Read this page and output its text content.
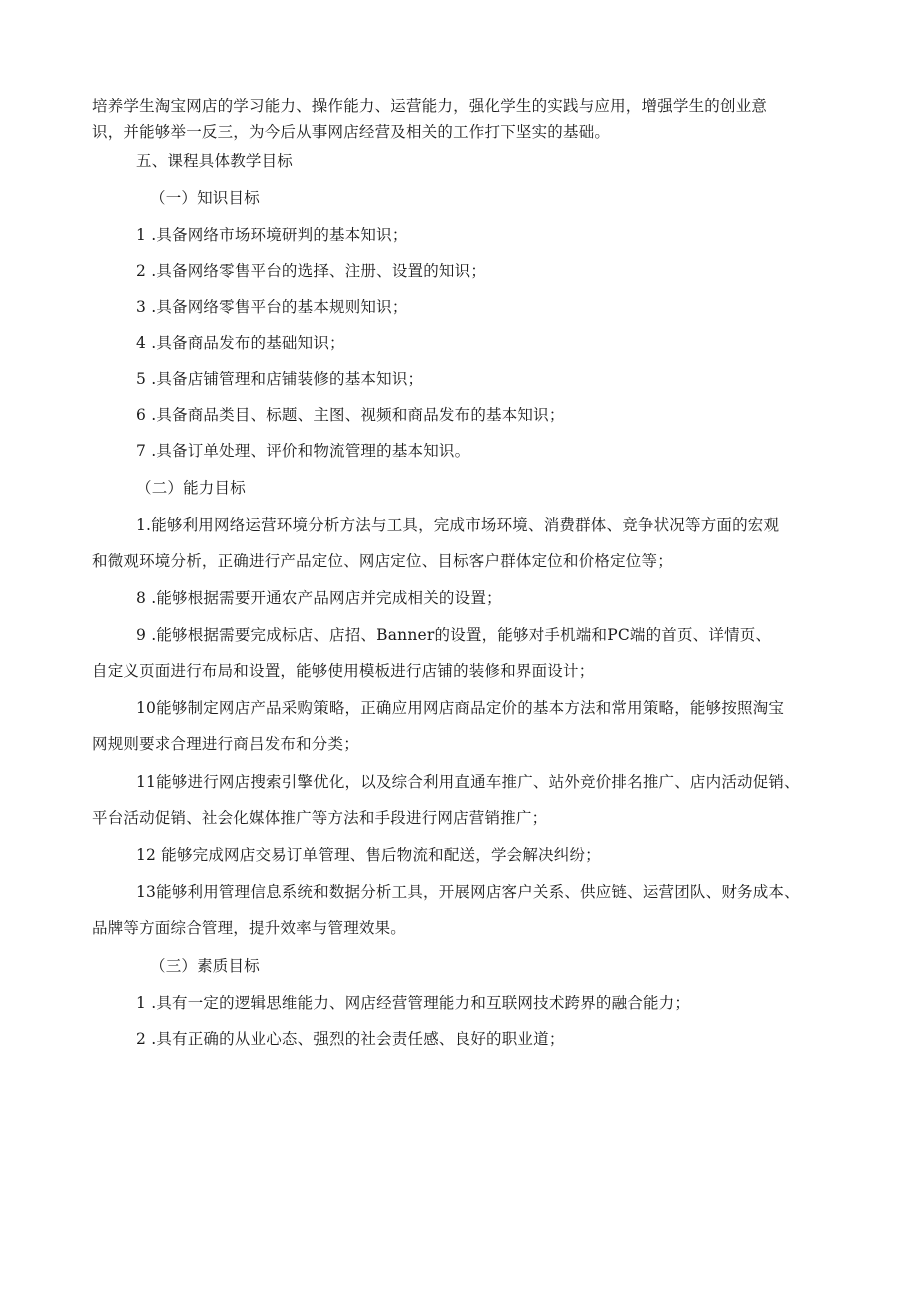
培养学生淘宝网店的学习能力、操作能力、运营能力，强化学生的实践与应用，增强学生的创业意
识，并能够举一反三，为今后从事网店经营及相关的工作打下坚实的基础。
五、课程具体教学目标
（一）知识目标
1 .具备网络市场环境研判的基本知识；
2 .具备网络零售平台的选择、注册、设置的知识；
3 .具备网络零售平台的基本规则知识；
4 .具备商品发布的基础知识；
5 .具备店铺管理和店铺装修的基本知识；
6 .具备商品类目、标题、主图、视频和商品发布的基本知识；
7 .具备订单处理、评价和物流管理的基本知识。
（二）能力目标
1.能够利用网络运营环境分析方法与工具，完成市场环境、消费群体、竞争状况等方面的宏观
和微观环境分析，正确进行产品定位、网店定位、目标客户群体定位和价格定位等；
8 .能够根据需要开通农产品网店并完成相关的设置；
9 .能够根据需要完成标店、店招、Banner的设置，能够对手机端和PC端的首页、详情页、
自定义页面进行布局和设置，能够使用模板进行店铺的装修和界面设计；
10能够制定网店产品采购策略，正确应用网店商品定价的基本方法和常用策略，能够按照淘宝
网规则要求合理进行商吕发布和分类；
11能够进行网店搜索引擎优化，以及综合利用直通车推广、站外竞价排名推广、店内活动促销、
平台活动促销、社会化媒体推广等方法和手段进行网店营销推广；
12 能够完成网店交易订单管理、售后物流和配送，学会解决纠纷；
13能够利用管理信息系统和数据分析工具，开展网店客户关系、供应链、运营团队、财务成本、
品牌等方面综合管理，提升效率与管理效果。
（三）素质目标
1 .具有一定的逻辑思维能力、网店经营管理能力和互联网技术跨界的融合能力；
2 .具有正确的从业心态、强烈的社会责任感、良好的职业道；
